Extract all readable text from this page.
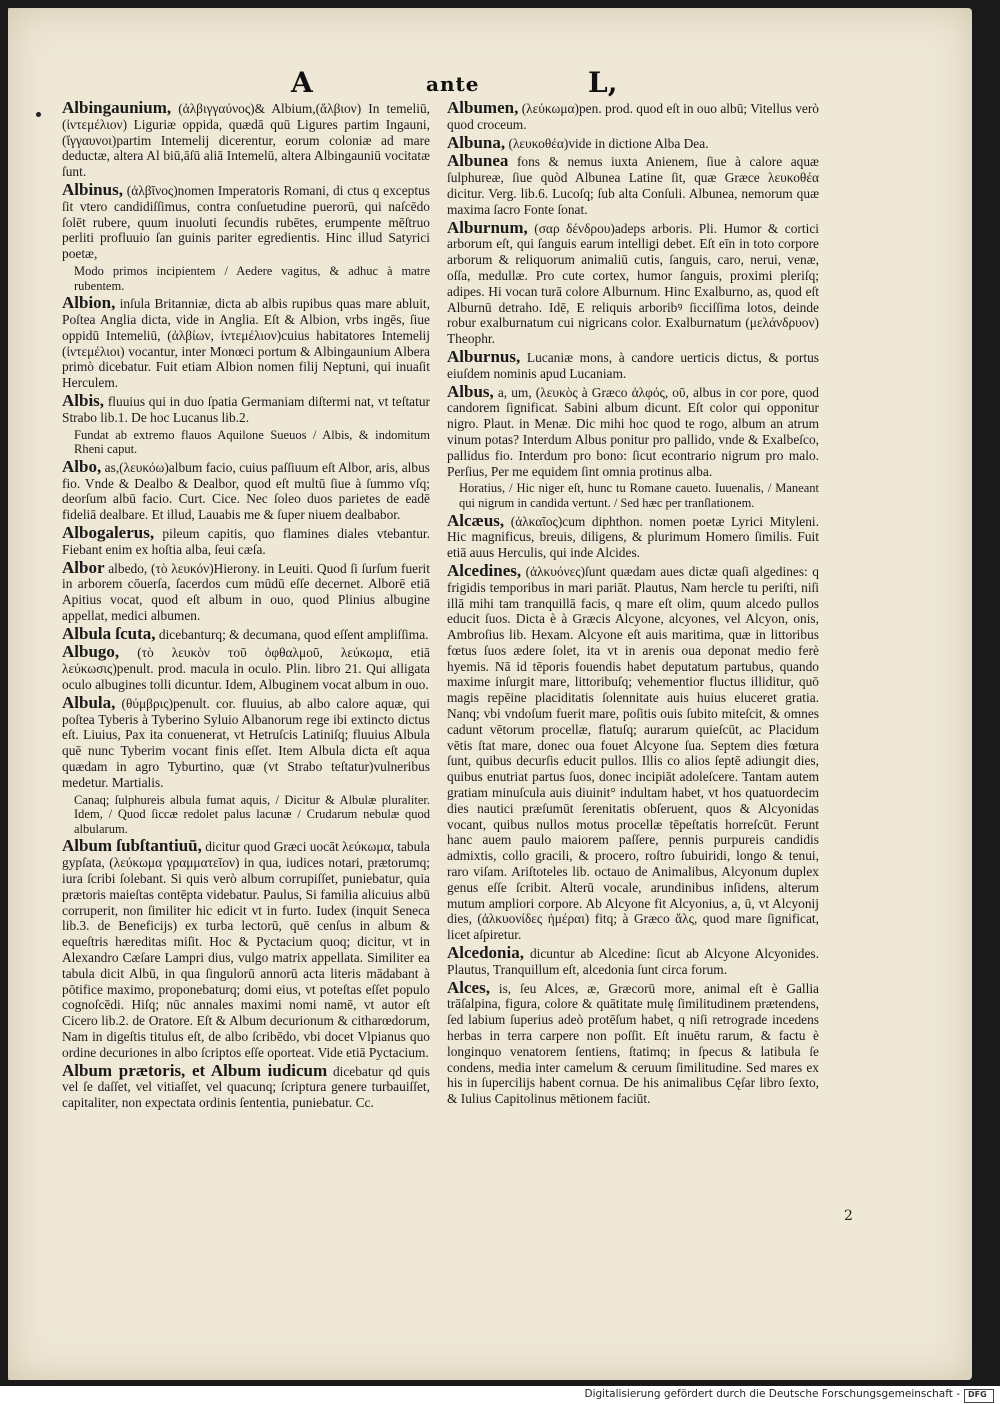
A	ante	L,

Albingaunium, (ἀλβιγγαύνος)& Albium,(ἄλβιον) In temeliū, (ἰντεμέλιον) Liguriæ oppida, quædā quū Ligures partim Ingauni,(ἴγγαυνοι)partim Intemelij dicerentur, eorum coloniæ ad mare deductæ, altera Al biū,āſū aliā Intemelū, altera Albingauniū vocitatæ ſunt.

Albinus, (ἀλβῖνος)nomen Imperatoris Romani, di ctus q exceptus ſit vtero candidiſſimus, contra conſuetudine puerorū, qui naſcēdo ſolēt rubere, quum inuoluti ſecundis rubētes, erumpente mēſtruo perliti profluuio ſan guinis pariter egredientis. Hinc illud Satyrici poetæ,

Modo primos incipientem / Aedere vagitus, & adhuc à matre rubentem.

Albion, inſula Britanniæ, dicta ab albis rupibus quas mare abluit, Poſtea Anglia dicta, vide in Anglia. Eſt & Albion, vrbs ingēs, ſiue oppidū Intemeliū, (ἀλβίων, ἰντεμέλιον)cuius habitatores Intemelij (ἰντεμέλιοι) vocantur, inter Monœci portum & Albingaunium Albera primò dicebatur. Fuit etiam Albion nomen filij Neptuni, qui inuaſit Herculem.

Albis, fluuius qui in duo ſpatia Germaniam diſtermi nat, vt teſtatur Strabo lib.1. De hoc Lucanus lib.2.

Fundat ab extremo flauos Aquilone Sueuos / Albis, & indomitum Rheni caput.

Albo, as,(λευκόω)album facio, cuius paſſiuum eſt Albor, aris, albus fio. Vnde & Dealbo & Dealbor, quod eſt multū ſiue à ſummo vſq; deorſum albū facio. Curt. Cice. Nec ſoleo duos parietes de eadē fideliā dealbare. Et illud, Lauabis me & ſuper niuem dealbabor.

Albogalerus, pileum capitis, quo flamines diales vtebantur. Fiebant enim ex hoſtia alba, ſeui cæſa.

Albor albedo, (τὸ λευκόν)Hierony. in Leuiti. Quod ſi ſurſum fuerit in arborem cōuerſa, ſacerdos cum mūdū eſſe decernet. Alborē etiā Apitius vocat, quod eſt album in ouo, quod Plinius albugine appellat, medici albumen.

Albula ſcuta, dicebanturq; & decumana, quod eſſent ampliſſima.

Albugo, (τὸ λευκὸν τοῦ ὀφθαλμοῦ, λεύκωμα, etiā λεύκωσις)penult. prod. macula in oculo. Plin. libro 21. Qui alligata oculo albugines tolli dicuntur. Idem, Albuginem vocat album in ouo.

Albula, (θύμβρις)penult. cor. fluuius, ab albo calore aquæ, qui poſtea Tyberis à Tyberino Syluio Albanorum rege ibi extincto dictus eſt. Liuius, Pax ita conuenerat, vt Hetruſcis Latiniſq; fluuius Albula quē nunc Tyberim vocant finis eſſet. Item Albula dicta eſt aqua quædam in agro Tyburtino, quæ (vt Strabo teſtatur)vulneribus medetur. Martialis.

Canaq; ſulphureis albula fumat aquis, / Dicitur & Albulæ pluraliter. Idem, / Quod ſiccæ redolet palus lacunæ / Crudarum nebulæ quod albularum.

Album ſubſtantiuū, dicitur quod Græci uocāt λεύκωμα, tabula gypſata, (λεύκωμα γραμματεῖον) in qua, iudices notari, prætorumq; iura ſcribi ſolebant. Si quis verò album corrupiſſet, puniebatur, quia prætoris maieſtas contēpta videbatur. Paulus, Si familia alicuius albū corruperit, non ſimiliter hic edicit vt in furto. Iudex (inquit Seneca lib.3. de Beneficijs) ex turba lectorū, quē cenſus in album & equeſtris hæreditas miſit. Hoc & Pyctacium quoq; dicitur, vt in Alexandro Cæſare Lampri dius, vulgo matrix appellata. Similiter ea tabula dicit Albū, in qua ſingulorū annorū acta literis mādabant à pōtifice maximo, proponebaturq; domi eius, vt poteſtas eſſet populo cognoſcēdi. Hiſq; nūc annales maximi nomi namē, vt autor eſt Cicero lib.2. de Oratore. Eſt & Album decurionum & citharœdorum, Nam in digeſtis titulus eſt, de albo ſcribēdo, vbi docet Vlpianus quo ordine decuriones in albo ſcriptos eſſe oporteat. Vide etiā Pyctacium.

Album prætoris, et Album iudicum dicebatur qd quis vel ſe daſſet, vel vitiaſſet, vel quacunq; ſcriptura genere turbauiſſet, capitaliter, non expectata ordinis ſententia, puniebatur. Cc.

Albumen, (λεύκωμα)pen. prod. quod eſt in ouo albū; Vitellus verò quod croceum.

Albuna, (λευκοθέα)vide in dictione Alba Dea.

Albunea fons & nemus iuxta Anienem, ſiue à calore aquæ ſulphureæ, ſiue quòd Albunea Latine ſit, quæ Græce λευκοθέα dicitur. Verg. lib.6. Lucoſq; ſub alta Conſuli. Albunea, nemorum quæ maxima ſacro Fonte ſonat.

Alburnum, (σαρ δένδρου)adeps arboris. Pli. Humor & cortici arborum eſt, qui ſanguis earum intelligi debet. Eſt eīn in toto corpore arborum & reliquorum animaliū cutis, ſanguis, caro, nerui, venæ, oſſa, medullæ. Pro cute cortex, humor ſanguis, proximi pleriſq; adipes. Hi vocan turā colore Alburnum. Hinc Exalburno, as, quod eſt Alburnū detraho. Idē, E reliquis arboribꝰ ſicciſſima lotos, deinde robur exalburnatum cui nigricans color. Exalburnatum (μελάνδρυον) Theophr.

Alburnus, Lucaniæ mons, à candore uerticis dictus, & portus eiuſdem nominis apud Lucaniam.

Albus, a, um, (λευκὸς à Græco ἀλφός, οῦ, albus in cor pore, quod candorem ſignificat. Sabini album dicunt. Eſt color qui opponitur nigro. Plaut. in Menæ. Dic mihi hoc quod te rogo, album an atrum vinum potas? Interdum Albus ponitur pro pallido, vnde & Exalbeſco, pallidus fio. Interdum pro bono: ſicut econtrario nigrum pro malo. Perſius, Per me equidem ſint omnia protinus alba.

Horatius, / Hic niger eſt, hunc tu Romane caueto. Iuuenalis, / Maneant qui nigrum in candida vertunt. / Sed hæc per tranſlationem.

Alcæus, (ἀλκαῖος)cum diphthon. nomen poetæ Lyrici Mityleni. Hic magnificus, breuis, diligens, & plurimum Homero ſimilis. Fuit etiā auus Herculis, qui inde Alcides.

Alcedines, (ἀλκυόνες)ſunt quædam aues dictæ quaſi algedines: q frigidis temporibus in mari pariāt. Plautus, Nam hercle tu periſti, niſi illā mihi tam tranquillā facis, q mare eſt olim, quum alcedo pullos educit ſuos. Dicta è à Græcis Alcyone, alcyones, vel Alcyon, onis, Ambroſius lib. Hexam. Alcyone eſt auis maritima, quæ in littoribus fœtus ſuos ædere ſolet, ita vt in arenis oua deponat medio ferè hyemis. Nā id tēporis fouendis habet deputatum partubus, quando maxime inſurgit mare, littoribuſq; vehementior fluctus illiditur, quō magis repēine placiditatis ſolennitate auis huius eluceret gratia. Nanq; vbi vndoſum fuerit mare, poſitis ouis ſubito miteſcit, & omnes cadunt vētorum procellæ, flatuſq; aurarum quieſcūt, ac Placidum vētis ſtat mare, donec oua fouet Alcyone ſua. Septem dies fœtura ſunt, quibus decurſis educit pullos. Illis co alios ſeptē adiungit dies, quibus enutriat partus ſuos, donec incipiāt adoleſcere. Tantam autem gratiam minuſcula auis diuinit° indultam habet, vt hos quatuordecim dies nautici præſumūt ſerenitatis obſeruent, quos & Alcyonidas vocant, quibus nullos motus procellæ tēpeſtatis horreſcūt. Ferunt hanc auem paulo maiorem paſſere, pennis purpureis candidis admixtis, collo gracili, & procero, roſtro ſubuiridi, longo & tenui, raro viſam. Ariſtoteles lib. octauo de Animalibus, Alcyonum duplex genus eſſe ſcribit. Alterū vocale, arundinibus inſidens, alterum mutum ampliori corpore. Ab Alcyone fit Alcyonius, a, ū, vt Alcyonij dies, (ἀλκυονίδες ἡμέραι) fitq; à Græco ἅλς, quod mare ſignificat, licet aſpiretur.

Alcedonia, dicuntur ab Alcedine: ſicut ab Alcyone Alcyonides. Plautus, Tranquillum eſt, alcedonia ſunt circa forum.

Alces, is, ſeu Alces, æ, Græcorū more, animal eſt è Gallia trāſalpina, figura, colore & quātitate mulę ſimilitudinem prætendens, ſed labium ſuperius adeò protēſum habet, q niſi retrograde incedens herbas in terra carpere non poſſit. Eſt inuētu rarum, & factu è longinquo venatorem ſentiens, ſtatimq; in ſpecus & latibula ſe condens, media inter camelum & ceruum ſimilitudine. Sed mares ex his in ſupercilijs habent cornua. De his animalibus Cęſar libro ſexto, & Iulius Capitolinus mētionem faciūt.

2
Digitalisierung gefördert durch die Deutsche Forschungsgemeinschaft - DFG
